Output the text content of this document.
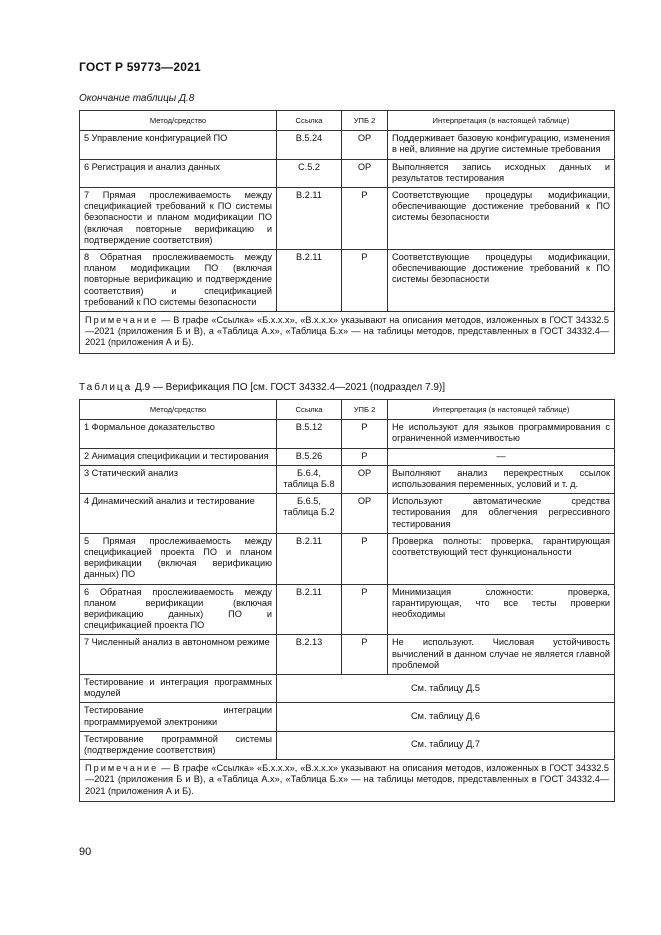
ГОСТ Р 59773—2021
Окончание таблицы Д.8
Метод/средство	Ссылка	УПБ 2	Интерпретация (в настоящей таблице)
5 Управление конфигурацией ПО	В.5.24	ОР	Поддерживает базовую конфигурацию, изменения в ней, влияние на другие системные требования
6 Регистрация и анализ данных	С.5.2	ОР	Выполняется запись исходных данных и результатов тестирования
7 Прямая прослеживаемость между спецификацией требований к ПО системы безопасности и планом модификации ПО (включая повторные верификацию и подтверждение соответствия)	В.2.11	Р	Соответствующие процедуры модификации, обеспечивающие достижение требований к ПО системы безопасности
8 Обратная прослеживаемость между планом модификации ПО (включая повторные верификацию и подтверждение соответствия) и спецификацией требований к ПО системы безопасности	В.2.11	Р	Соответствующие процедуры модификации, обеспечивающие достижение требований к ПО системы безопасности
Примечание — В графе «Ссылка» «Б.х.х.х», «В.х.х.х» указывают на описания методов, изложенных в ГОСТ 34332.5—2021 (приложения Б и В), а «Таблица А.х», «Таблица Б.х» — на таблицы методов, представленных в ГОСТ 34332.4—2021 (приложения А и Б).			
Таблица Д.9 — Верификация ПО [см. ГОСТ 34332.4—2021 (подраздел 7.9)]
Метод/средство	Ссылка	УПБ 2	Интерпретация (в настоящей таблице)
1 Формальное доказательство	В.5.12	Р	Не используют для языков программирования с ограниченной изменчивостью
2 Анимация спецификации и тестирования	В.5.26	Р	—
3 Статический анализ	Б.6.4, таблица Б.8	ОР	Выполняют анализ перекрестных ссылок использования переменных, условий и т. д.
4 Динамический анализ и тестирование	Б.6.5, таблица Б.2	ОР	Используют автоматические средства тестирования для облегчения регрессивного тестирования
5 Прямая прослеживаемость между спецификацией проекта ПО и планом верификации (включая верификацию данных) ПО	В.2.11	Р	Проверка полноты: проверка, гарантирующая соответствующий тест функциональности
6 Обратная прослеживаемость между планом верификации (включая верификацию данных) ПО и спецификацией проекта ПО	В.2.11	Р	Минимизация сложности: проверка, гарантирующая, что все тесты проверки необходимы
7 Численный анализ в автономном режиме	В.2.13	Р	Не используют. Числовая устойчивость вычислений в данном случае не является главной проблемой
Тестирование и интеграция программных модулей	См. таблицу Д.5		
Тестирование интеграции программируемой электроники	См. таблицу Д.6		
Тестирование программной системы (подтверждение соответствия)	См. таблицу Д.7		
Примечание — В графе «Ссылка» «Б.х.х.х», «В.х.х.х» указывают на описания методов, изложенных в ГОСТ 34332.5—2021 (приложения Б и В), а «Таблица А.х», «Таблица Б.х» — на таблицы методов, представленных в ГОСТ 34332.4—2021 (приложения А и Б).			
90
